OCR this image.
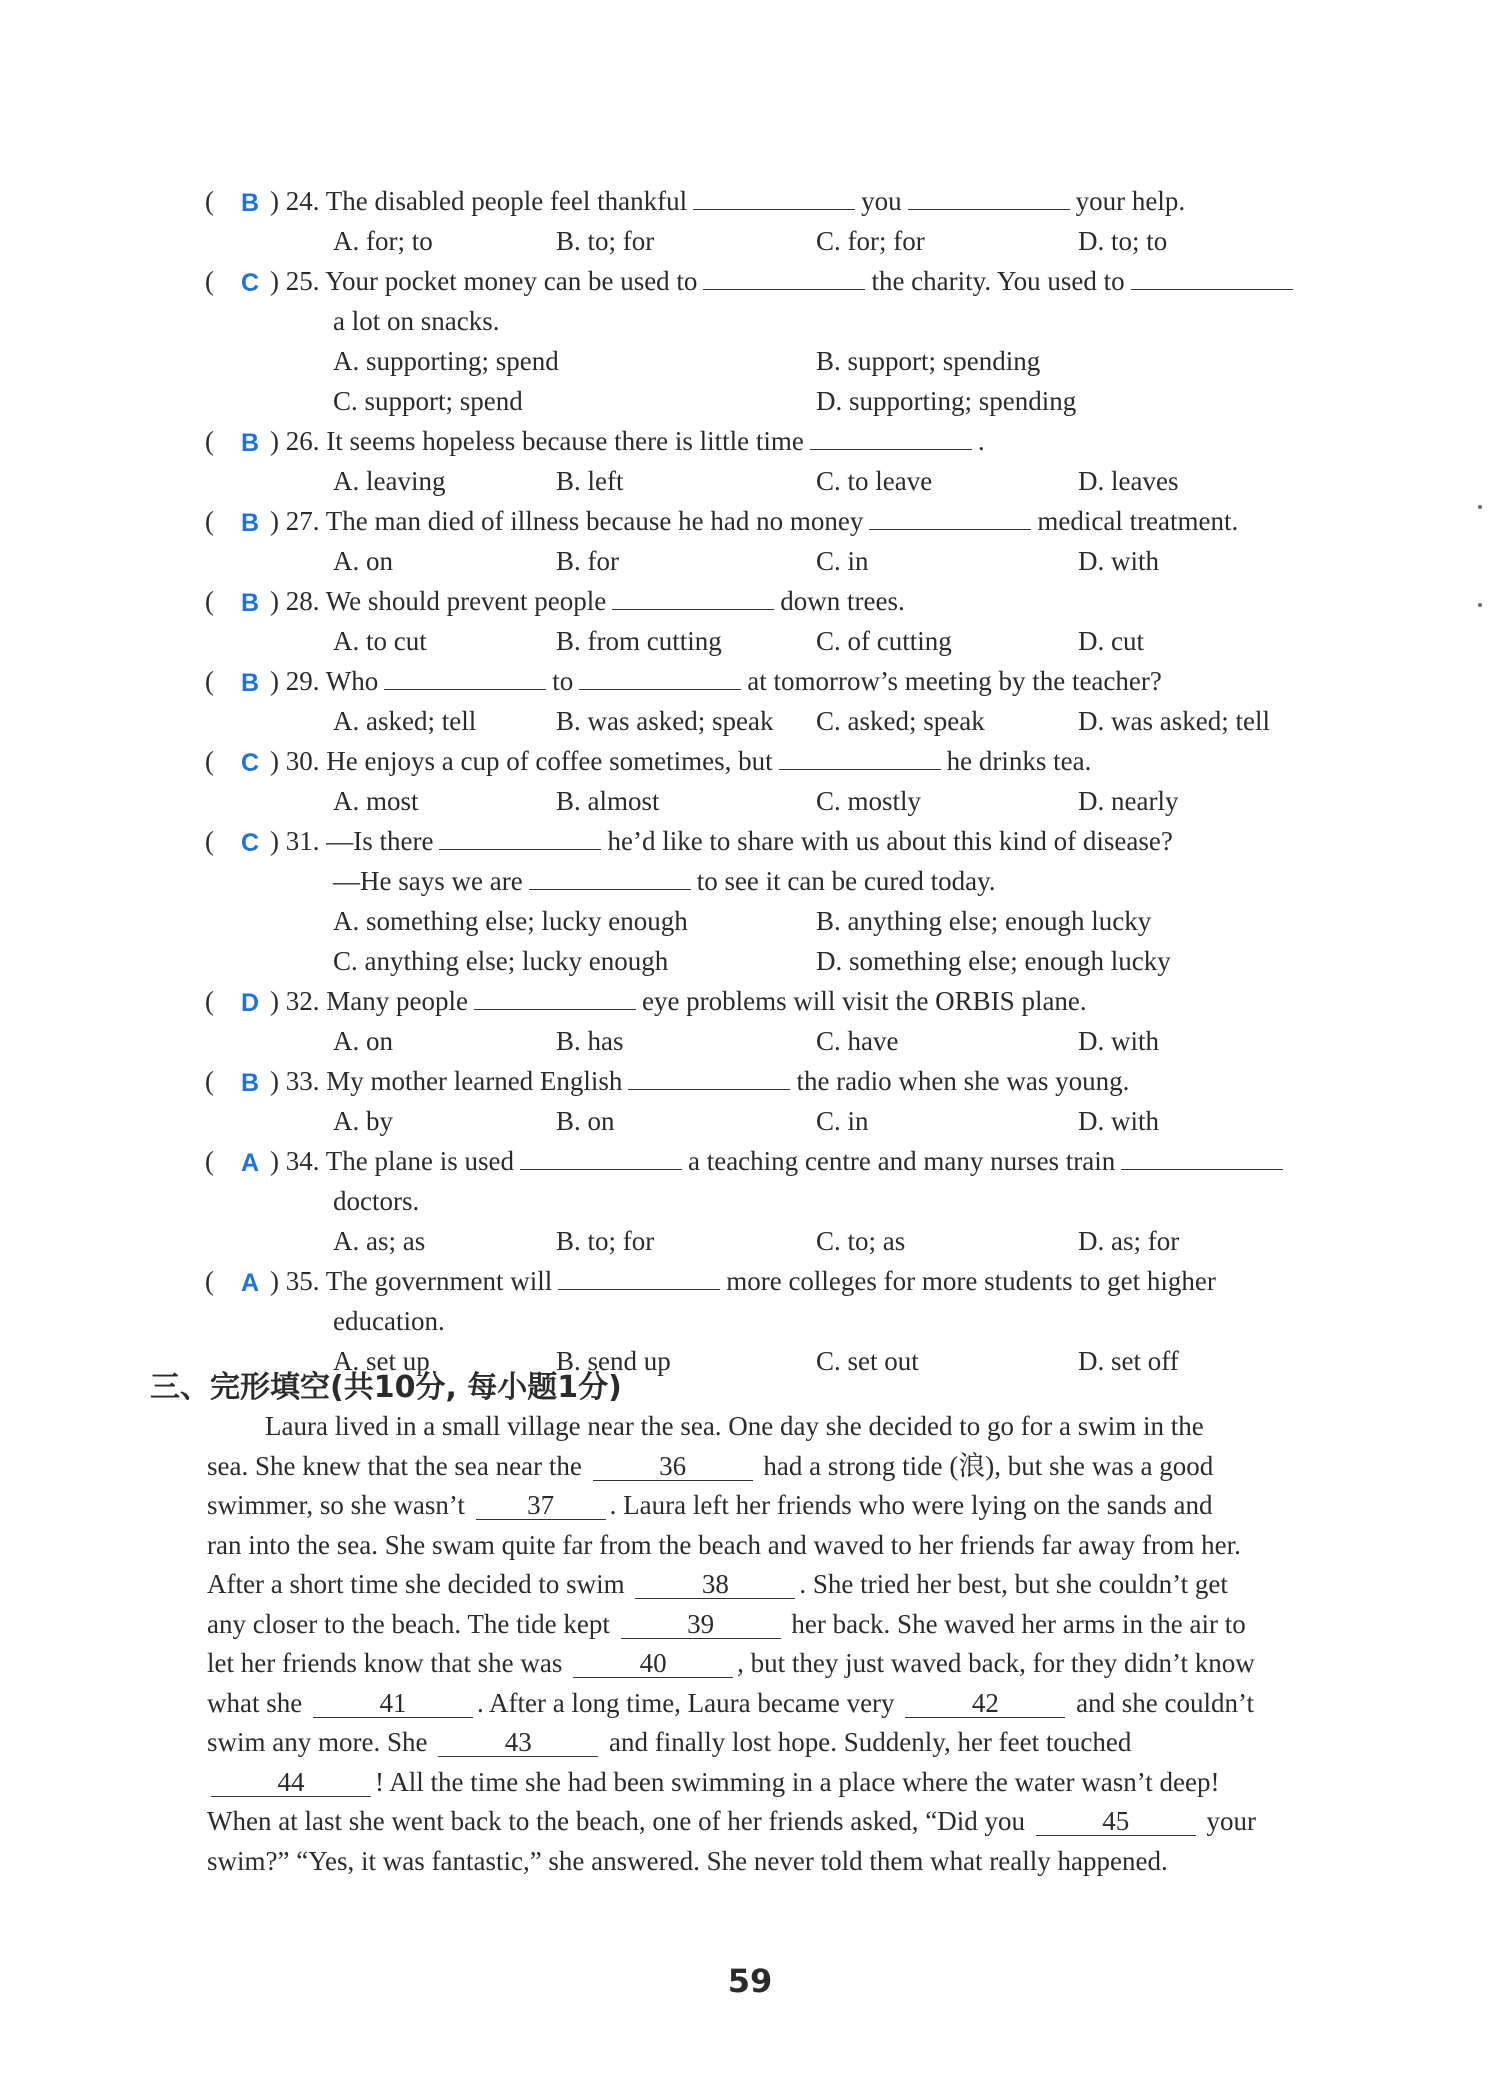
(	B ) 24. The disabled people feel thankful	you	your help.
A. for; to	B. to; for	C. for; for	D. to; to
(	C ) 25. Your pocket money can be used to	the charity. You used to
a lot on snacks.
A. supporting; spend	B. support; spending
C. support; spend	D. supporting; spending
(	B ) 26. It seems hopeless because there is little time	.
A. leaving	B. left	C. to leave	D. leaves
(	B ) 27. The man died of illness because he had no money	medical treatment.
A. on	B. for	C. in	D. with
(	B ) 28. We should prevent people	down trees.
A. to cut	B. from cutting	C. of cutting	D. cut
(	B ) 29. Who	to	at tomorrow’s meeting by the teacher?
A. asked; tell	B. was asked; speak C. asked; speak	D. was asked; tell
(	C ) 30. He enjoys a cup of coffee sometimes, but	he drinks tea.
A. most	B. almost	C. mostly	D. nearly
(	C ) 31. —Is there	he’d like to share with us about this kind of disease?
—He says we are	to see it can be cured today.
A. something else; lucky enough	B. anything else; enough lucky
C. anything else; lucky enough	D. something else; enough lucky
(	D ) 32. Many people	eye problems will visit the ORBIS plane.
A. on	B. has	C. have	D. with
(	B ) 33. My mother learned English	the radio when she was young.
A. by	B. on	C. in	D. with
(	A ) 34. The plane is used	a teaching centre and many nurses train
doctors.
A. as; as	B. to; for	C. to; as	D. as; for
(	A ) 35. The government will	more colleges for more students to get higher
education.
A. set up	B. send up	C. set out	D. set off
三、完形填空(共10分, 每小题1分)
Laura lived in a small village near the sea. One day she decided to go for a swim in the
sea. She knew that the sea near the	36	had a strong tide (浪), but she was a good
swimmer, so she wasn’t 37 . Laura left her friends who were lying on the sands and
ran into the sea. She swam quite far from the beach and waved to her friends far away from her.
After a short time she decided to swim	38	. She tried her best, but she couldn’t get
any closer to the beach. The tide kept	39	her back. She waved her arms in the air to
let her friends know that she was	40	, but they just waved back, for they didn’t know
what she	41	. After a long time, Laura became very	42	and she couldn’t
swim any more. She	43	and finally lost hope. Suddenly, her feet touched
44	! All the time she had been swimming in a place where the water wasn’t deep!
When at last she went back to the beach, one of her friends asked, “Did you	45	your
swim?” “Yes, it was fantastic,” she answered. She never told them what really happened.
59
